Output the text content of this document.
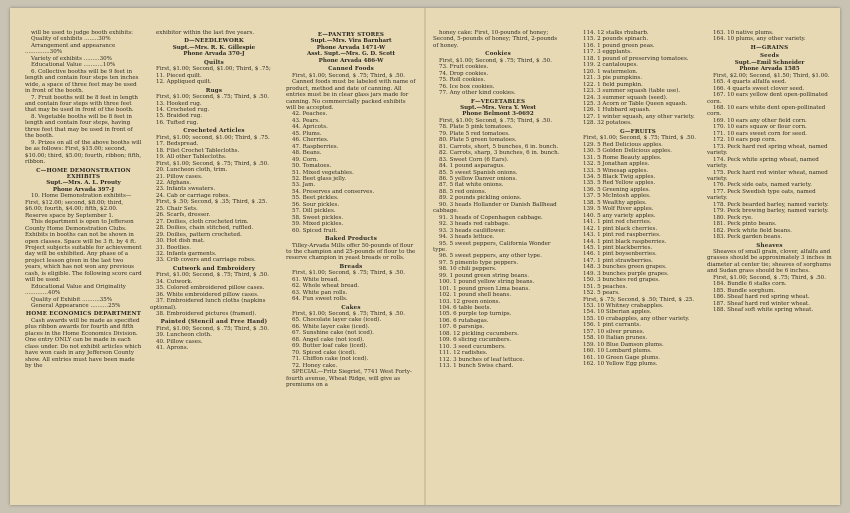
will be used to judge booth exhibits:
Quality of exhibits ........30%
Arrangement and appearance ..............30%
Variety of exhibits .........30%
Educational Value ...........10%
6. Collective booths will be 9 feet in length and contain four steps ten inches wide, a space of three feet may be used in front of the booth.
7. Fruit booths will be 8 feet in length and contain four steps with three feet that may be used in front of the booth.
8. Vegetable booths will be 8 feet in length and contain four steps, having three feet that may be used in front of the booth.
9. Prizes on all of the above booths will be as follows: First, $15.00; second, $10.00; third, $5.00; fourth, ribbon; fifth, ribbon.
C—HOME DEMONSTRATION EXHIBITS
Supt.—Mrs. A. L. Prouty
Phone Arvada 397-J
10. Home Demonstration exhibits—First, $12.00; second, $8.00; third, $6.00; fourth, $4.00; fifth, $2.00. Reserve space by September 1.
This department is open to Jefferson County Home Demonstration Clubs. Exhibits in booths can not be shown in open classes. Space will be 3 ft. by 4 ft. Project subjects suitable for achievement day will be exhibited. Any phase of a project lesson given in the last two years, which has not won any previous cash, is eligible. The following score card will be used:
Educational Value and Originality .............40%
Quality of Exhibit ..........35%
General Appearance ..........25%
HOME ECONOMICS DEPARTMENT
Cash awards will be made as specified plus ribbon awards for fourth and fifth places in the Home Economics Division. One entry ONLY can be made in each class under. Do not exhibit articles which have won cash in any Jefferson County show. All entries must have been made by the
exhibitor within the last five years.
D—NEEDLEWORK
Supt.—Mrs. R. K. Gillespie
Phone Arvada 370-J
Quilts
First, $1.00; Second, $1.00; Third, $ .75;
11. Pieced quilt.
12. Appliqued quilt.
Rugs
First, $1.00; Second, $ .75; Third, $ .50.
13. Hooked rug.
14. Crocheted rug.
15. Braided rug.
16. Tufted rug.
Crocheted Articles
First, $1.00; second, $1.00; Third, $ .75.
17. Bedspread.
18. Filet Crochet Tablecloths.
19. All other Tablecloths.
First, $1.00; Second, $ .75; Third, $ .50.
20. Luncheon cloth, trim.
21. Pillow cases.
22. Afghans.
23. Infants sweaters.
24. Cab or carriage robes.
First, $ .50; Second, $ .35; Third, $ .25.
25. Chair Sets.
26. Scarfs, dresser.
27. Doilies, cloth crocheted trim.
28. Doilies, chain stitched, ruffled.
29. Doilies, pattern crocheted.
30. Hot dish mat.
31. Bootlies.
32. Infants garments.
33. Crib covers and carriage robes.
Cutwork and Embroidery
First, $1.00; Second, $ .75; Third, $ .50.
34. Cutwork.
35. Colored embroidered pillow cases.
36. White embroidered pillow cases.
37. Embroidered lunch cloths (napkins optional).
38. Embroidered pictures (framed).
Painted (Stencil and Free Hand)
First, $1.00; Second, $ .75; Third, $ .50.
39. Luncheon cloth.
40. Pillow cases.
41. Aprons.
E—PANTRY STORES
Supt.—Mrs. Vira Barnhart
Phone Arvada 1471-W
Asst. Supt.—Mrs. G. D. Scott
Phone Arvada 486-W
Canned Foods
First, $1.00; Second, $ .75; Third, $ .50.
Canned foods must be labeled with name of product, method and date of canning. All entries must be in clear glass jars made for canning. No commercially packed exhibits will be accepted.
42. Peaches.
43. Pears.
44. Apricots.
45. Plums.
46. Cherries.
47. Raspberries.
48. Beans.
49. Corn.
50. Tomatoes.
51. Mixed vegetables.
52. Beet glass jelly.
53. Jam.
54. Preserves and conserves.
55. Beet pickles.
56. Sour pickles.
57. Dill pickles.
58. Sweet pickles.
59. Mixed pickles.
60. Spiced fruit.
Baked Products
Tilley-Arvada Mills offer 50-pounds of flour to the champion and 25-pounds of flour to the reserve champion in yeast breads or rolls.
Breads
First, $1.00; Second, $ .75; Third, $ .50.
61. White bread.
62. Whole wheat bread.
63. White pan rolls.
64. Fun sweet rolls.
Cakes
First, $1.00; Second, $ .75; Third, $ .50.
65. Chocolate layer cake (iced).
66. White layer cake (iced).
67. Sunshine cake (not iced).
68. Angel cake (not iced).
69. Butter loaf cake (iced).
70. Spiced cake (iced).
71. Chiffon cake (not iced).
72. Honey cake.
SPECIAL—Fritz Siegrist, 7741 West Forty-fourth avenue, Wheat Ridge, will give as premiums on a
honey cake: First, 10-pounds of honey; Second, 5-pounds of honey; Third, 2-pounds of honey.
Cookies
First, $1.00; Second, $ .75; Third, $ .50.
73. Fruit cookies.
74. Drop cookies.
75. Roll cookies.
76. Ice box cookies.
77. Any other kind cookies.
F—VEGETABLES
Supt.—Mrs. Vera Y. West
Phone Belmont 3-0692
First, $1.00; Second, $ .75; Third, $ .50.
78. Plate 5 pink tomatoes.
79. Plate 5 red tomatoes.
80. Plate 5 green tomatoes.
81. Carrots, short, 5 bunches, 6 in. bunch.
82. Carrots, sharp, 3 bunches, 6 in. bunch.
83. Sweet Corn (6 Ears).
84. 1 pound asparagus.
85. 5 sweet Spanish onions.
86. 5 yellow Danver onions.
87. 5 flat white onions.
88. 5 red onions.
89. 2 pounds pickling onions.
90. 3 heads Hollander or Danish Ballhead cabbage.
91. 3 heads of Copenhagen cabbage.
92. 3 heads red cabbage.
93. 3 heads cauliflower.
94. 3 heads lettuce.
95. 5 sweet peppers, California Wonder type.
96. 5 sweet peppers, any other type.
97. 5 pimento type peppers.
98. 10 chili peppers.
99. 1 pound green string beans.
100. 1 pound yellow string beans.
101. 1 pound green Lima beans.
102. 1 pound shell beans.
103. 12 green onions.
104. 6 table beets.
105. 6 purple top turnips.
106. 6 rutabagas.
107. 6 parsnips.
108. 12 pickling cucumbers.
109. 6 slicing cucumbers.
110. 3 seed cucumbers.
111. 12 radishes.
112. 3 bunches of leaf lettuce.
113. 1 bunch Swiss chard.
114. 12 stalks rhubarb.
115. 2 pounds spinach.
116. 1 pound green peas.
117. 3 eggplants.
118. 1 pound of preserving tomatoes.
119. 2 cantaloupes.
120. 1 watermelon.
121. 3 pie pumpkins.
122. 1 field pumpkin.
123. 3 summer squash (table use).
124. 3 summer squash (seed).
125. 3 Acorn or Table Queen squash.
126. 1 Hubbard squash.
127. 1 winter squash, any other variety.
128. 32 potatoes.
G—FRUITS
First, $1.00; Second, $ .75; Third, $ .50.
129. 5 Red Delicious apples.
130. 5 Golden Delicious apples.
131. 5 Rome Beauty apples.
132. 5 Jonathan apples.
133. 5 Winesap apples.
134. 5 Black Twig apples.
135. 5 Red Yellow apples.
136. 5 Greening apples.
137. 5 McIntosh apples.
138. 5 Wealthy apples.
139. 5 Wolf River apples.
140. 5 any variety apples.
141. 1 pint red cherries.
142. 1 pint black cherries.
143. 1 pint red raspberries.
144. 1 pint black raspberries.
145. 1 pint blackberries.
146. 1 pint boysenberries.
147. 1 pint strawberries.
148. 3 bunches green grapes.
149. 3 bunches purple grapes.
150. 3 bunches red grapes.
151. 5 peaches.
152. 5 pears.
First, $ .75; Second, $ .50; Third, $ .25.
153. 10 Whitney crabapples.
154. 10 Siberian apples.
155. 10 crabapples, any other variety.
156. 1 pint currants.
157. 10 silver prunes.
158. 10 Italian prunes.
159. 10 Blue Damson plums.
160. 10 Lombard plums.
161. 10 Green Gage plums.
162. 10 Yellow Egg plums.
163. 10 native plums.
164. 10 plums, any other variety.
H—GRAINS
Seeds
Supt.—Emil Schneider
Phone Arvada 1585
First, $2.00; Second, $1.50; Third, $1.00.
165. 4 quarts alfalfa seed.
166. 4 quarts sweet clover seed.
167. 10 ears yellow dent open-pollinated corn.
168. 10 ears white dent open-pollinated corn.
169. 10 ears any other field corn.
170. 10 ears squaw or flour corn.
171. 10 ears sweet corn for seed.
172. 10 ears pop corn.
173. Peck hard red spring wheat, named variety.
174. Peck white spring wheat, named variety.
175. Peck hard red winter wheat, named variety.
176. Peck side oats, named variety.
177. Peck Swedish type oats, named variety.
178. Peck bearded barley, named variety.
179. Peck brewing barley, named variety.
180. Peck rye.
181. Peck pinto beans.
182. Peck white field beans.
183. Peck garden beans.
Sheaves
Sheaves of small grain, clover, alfalfa and grasses should be approximately 3 inches in diameter at center tie; sheaves of sorghums and Sudan grass should be 6 inches.
First, $1.00; Second, $ .75; Third, $ .50.
184. Bundle 6 stalks corn.
185. Bundle sorghum.
186. Sheaf hard red spring wheat.
187. Sheaf hard red winter wheat.
188. Sheaf soft white spring wheat.
